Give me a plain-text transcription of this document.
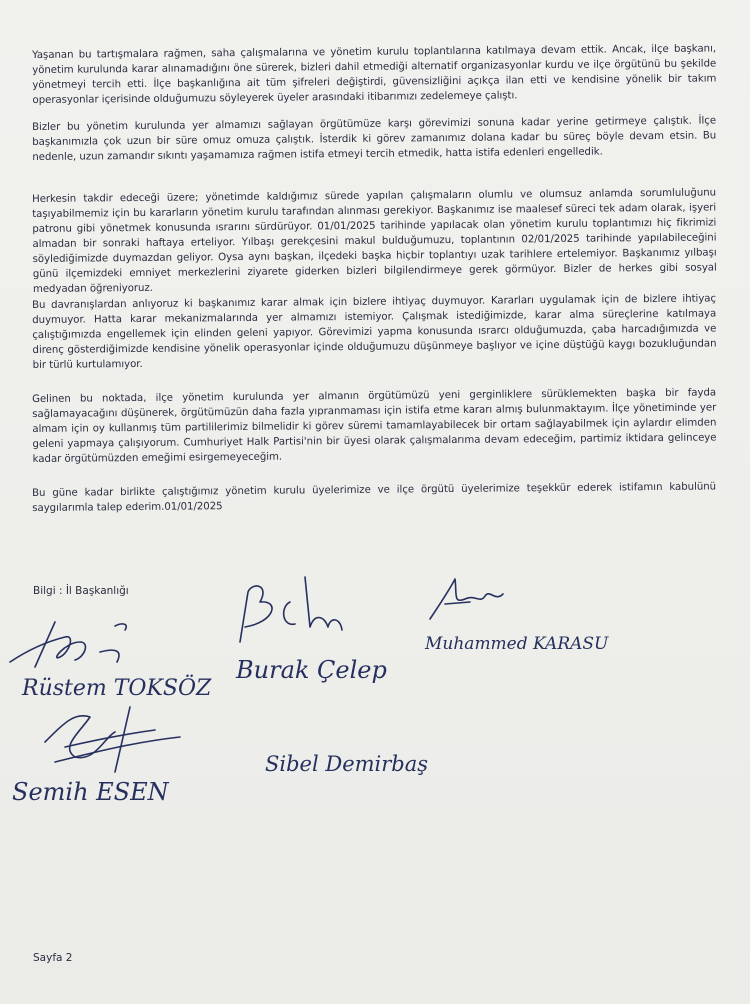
Yaşanan bu tartışmalara rağmen, saha çalışmalarına ve yönetim kurulu toplantılarına katılmaya devam ettik. Ancak, ilçe başkanı, yönetim kurulunda karar alınamadığını öne sürerek, bizleri dahil etmediği alternatif organizasyonlar kurdu ve ilçe örgütünü bu şekilde yönetmeyi tercih etti. İlçe başkanlığına ait tüm şifreleri değiştirdi, güvensizliğini açıkça ilan etti ve kendisine yönelik bir takım operasyonlar içerisinde olduğumuzu söyleyerek üyeler arasındaki itibarımızı zedelemeye çalıştı.

Bizler bu yönetim kurulunda yer almamızı sağlayan örgütümüze karşı görevimizi sonuna kadar yerine getirmeye çalıştık. İlçe başkanımızla çok uzun bir süre omuz omuza çalıştık. İsterdik ki görev zamanımız dolana kadar bu süreç böyle devam etsin. Bu nedenle, uzun zamandır sıkıntı yaşamamıza rağmen istifa etmeyi tercih etmedik, hatta istifa edenleri engelledik.

Herkesin takdir edeceği üzere; yönetimde kaldığımız sürede yapılan çalışmaların olumlu ve olumsuz anlamda sorumluluğunu taşıyabilmemiz için bu kararların yönetim kurulu tarafından alınması gerekiyor. Başkanımız ise maalesef süreci tek adam olarak, işyeri patronu gibi yönetmek konusunda ısrarını sürdürüyor. 01/01/2025 tarihinde yapılacak olan yönetim kurulu toplantımızı hiç fikrimizi almadan bir sonraki haftaya erteliyor. Yılbaşı gerekçesini makul bulduğumuzu, toplantının 02/01/2025 tarihinde yapılabileceğini söylediğimizde duymazdan geliyor. Oysa aynı başkan, ilçedeki başka hiçbir toplantıyı uzak tarihlere ertelemiyor. Başkanımız yılbaşı günü ilçemizdeki emniyet merkezlerini ziyarete giderken bizleri bilgilendirmeye gerek görmüyor. Bizler de herkes gibi sosyal medyadan öğreniyoruz.

Bu davranışlardan anlıyoruz ki başkanımız karar almak için bizlere ihtiyaç duymuyor. Kararları uygulamak için de bizlere ihtiyaç duymuyor. Hatta karar mekanizmalarında yer almamızı istemiyor. Çalışmak istediğimizde, karar alma süreçlerine katılmaya çalıştığımızda engellemek için elinden geleni yapıyor. Görevimizi yapma konusunda ısrarcı olduğumuzda, çaba harcadığımızda ve direnç gösterdiğimizde kendisine yönelik operasyonlar içinde olduğumuzu düşünmeye başlıyor ve içine düştüğü kaygı bozukluğundan bir türlü kurtulamıyor.

Gelinen bu noktada, ilçe yönetim kurulunda yer almanın örgütümüzü yeni gerginliklere sürüklemekten başka bir fayda sağlamayacağını düşünerek, örgütümüzün daha fazla yıpranmaması için istifa etme kararı almış bulunmaktayım. İlçe yönetiminde yer almam için oy kullanmış tüm partililerimiz bilmelidir ki görev süremi tamamlayabilecek bir ortam sağlayabilmek için aylardır elimden geleni yapmaya çalışıyorum. Cumhuriyet Halk Partisi'nin bir üyesi olarak çalışmalarıma devam edeceğim, partimiz iktidara gelinceye kadar örgütümüzden emeğimi esirgemeyeceğim.

Bu güne kadar birlikte çalıştığımız yönetim kurulu üyelerimize ve ilçe örgütü üyelerimize teşekkür ederek istifamın kabulünü saygılarımla talep ederim.01/01/2025

Bilgi : İl Başkanlığı
Rüstem TOKSÖZ
Burak Çelep
Muhammed KARASU
Sibel Demirbaş
Semih ESEN
Sayfa 2
